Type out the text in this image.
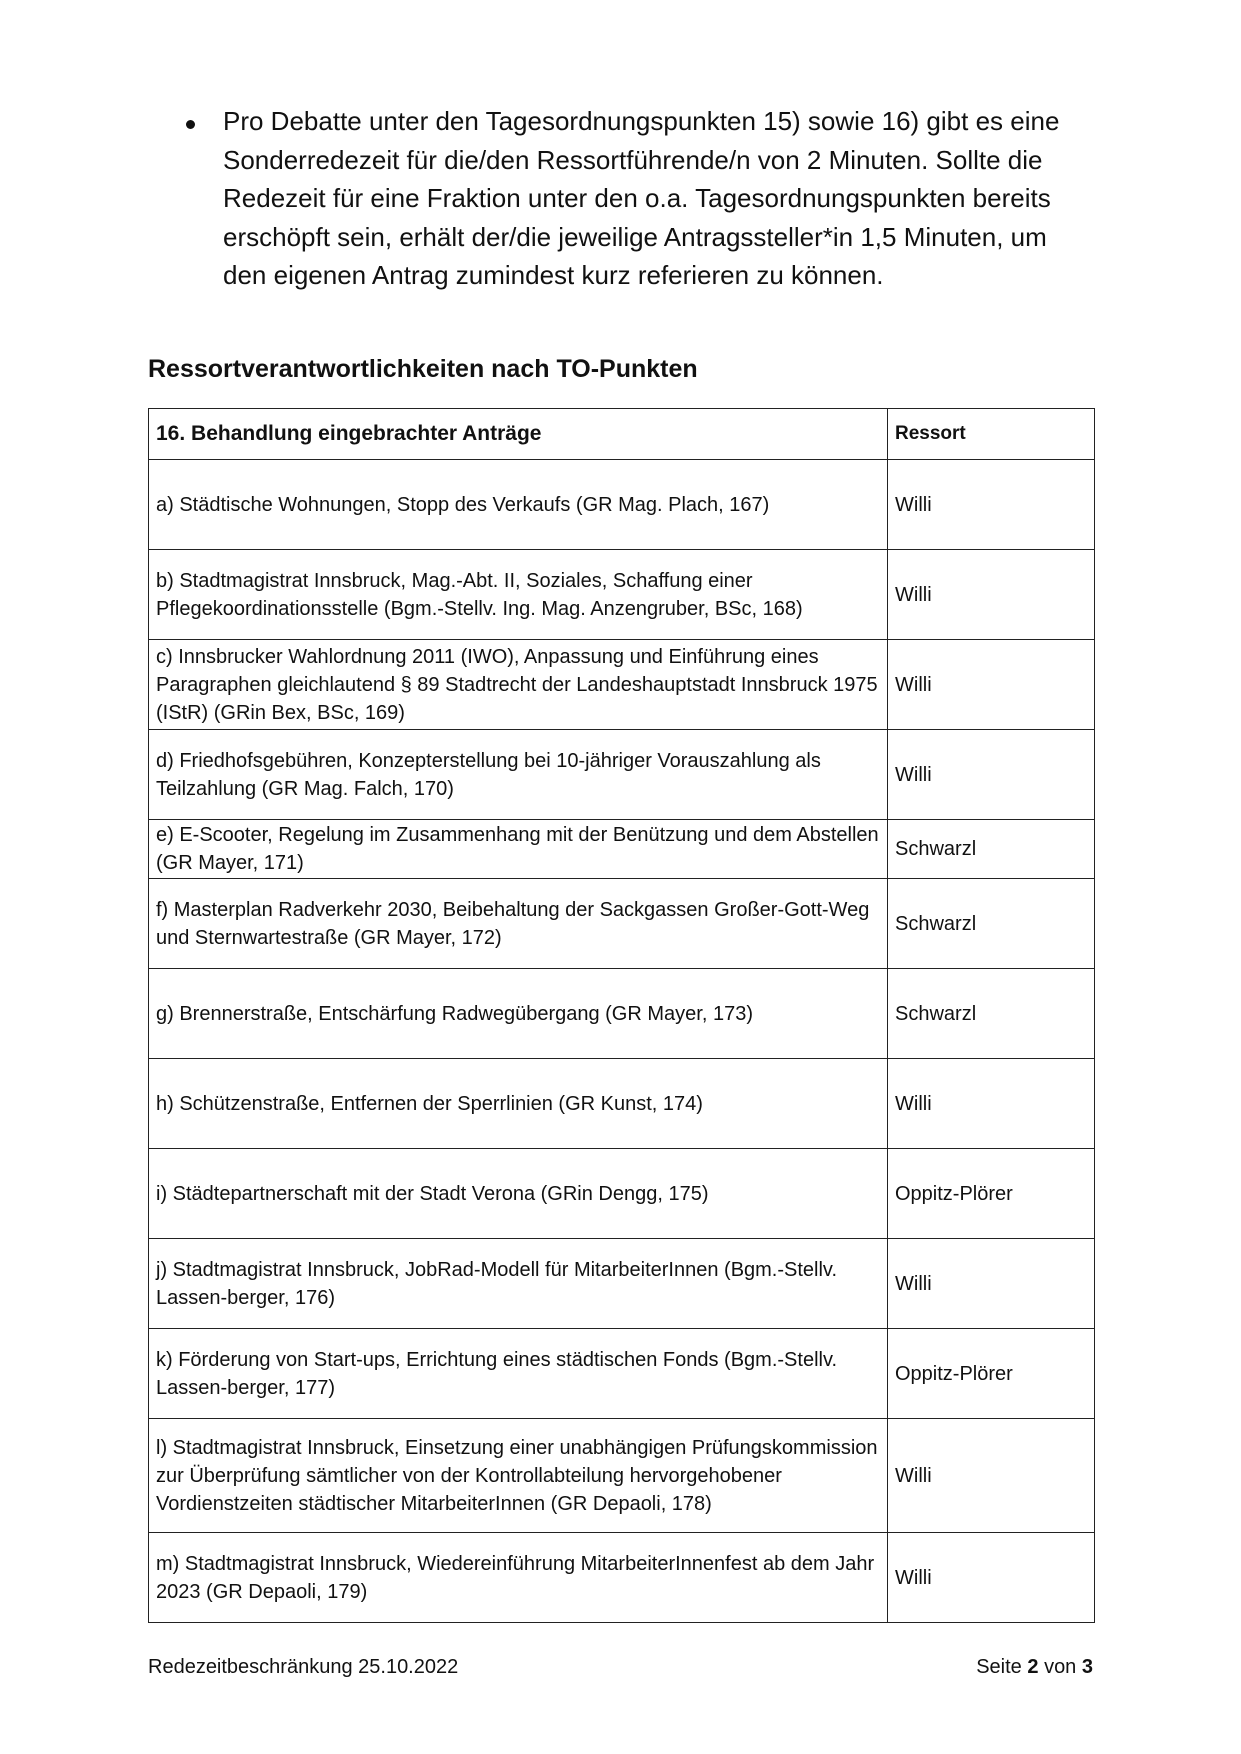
Pro Debatte unter den Tagesordnungspunkten 15) sowie 16) gibt es eine Sonderredezeit für die/den Ressortführende/n von 2 Minuten. Sollte die Redezeit für eine Fraktion unter den o.a. Tagesordnungspunkten bereits erschöpft sein, erhält der/die jeweilige Antragssteller*in 1,5 Minuten, um den eigenen Antrag zumindest kurz referieren zu können.
Ressortverantwortlichkeiten nach TO-Punkten
16. Behandlung eingebrachter Anträge	Ressort
a) Städtische Wohnungen, Stopp des Verkaufs (GR Mag. Plach, 167)	Willi
b) Stadtmagistrat Innsbruck, Mag.-Abt. II, Soziales, Schaffung einer Pflegekoordinationsstelle (Bgm.-Stellv. Ing. Mag. Anzengruber, BSc, 168)	Willi
c) Innsbrucker Wahlordnung 2011 (IWO), Anpassung und Einführung eines Paragraphen gleichlautend § 89 Stadtrecht der Landeshauptstadt Innsbruck 1975 (IStR) (GRin Bex, BSc, 169)	Willi
d) Friedhofsgebühren, Konzepterstellung bei 10-jähriger Vorauszahlung als Teilzahlung (GR Mag. Falch, 170)	Willi
e) E-Scooter, Regelung im Zusammenhang mit der Benützung und dem Abstellen (GR Mayer, 171)	Schwarzl
f) Masterplan Radverkehr 2030, Beibehaltung der Sackgassen Großer-Gott-Weg und Sternwartestraße (GR Mayer, 172)	Schwarzl
g) Brennerstraße, Entschärfung Radwegübergang (GR Mayer, 173)	Schwarzl
h) Schützenstraße, Entfernen der Sperrlinien (GR Kunst, 174)	Willi
i) Städtepartnerschaft mit der Stadt Verona (GRin Dengg, 175)	Oppitz-Plörer
j) Stadtmagistrat Innsbruck, JobRad-Modell für MitarbeiterInnen (Bgm.-Stellv. Lassen-berger, 176)	Willi
k) Förderung von Start-ups, Errichtung eines städtischen Fonds (Bgm.-Stellv. Lassen-berger, 177)	Oppitz-Plörer
l) Stadtmagistrat Innsbruck, Einsetzung einer unabhängigen Prüfungskommission zur Überprüfung sämtlicher von der Kontrollabteilung hervorgehobener Vordienstzeiten städtischer MitarbeiterInnen (GR Depaoli, 178)	Willi
m) Stadtmagistrat Innsbruck, Wiedereinführung MitarbeiterInnenfest ab dem Jahr 2023 (GR Depaoli, 179)	Willi
Redezeitbeschränkung 25.10.2022	Seite 2 von 3
